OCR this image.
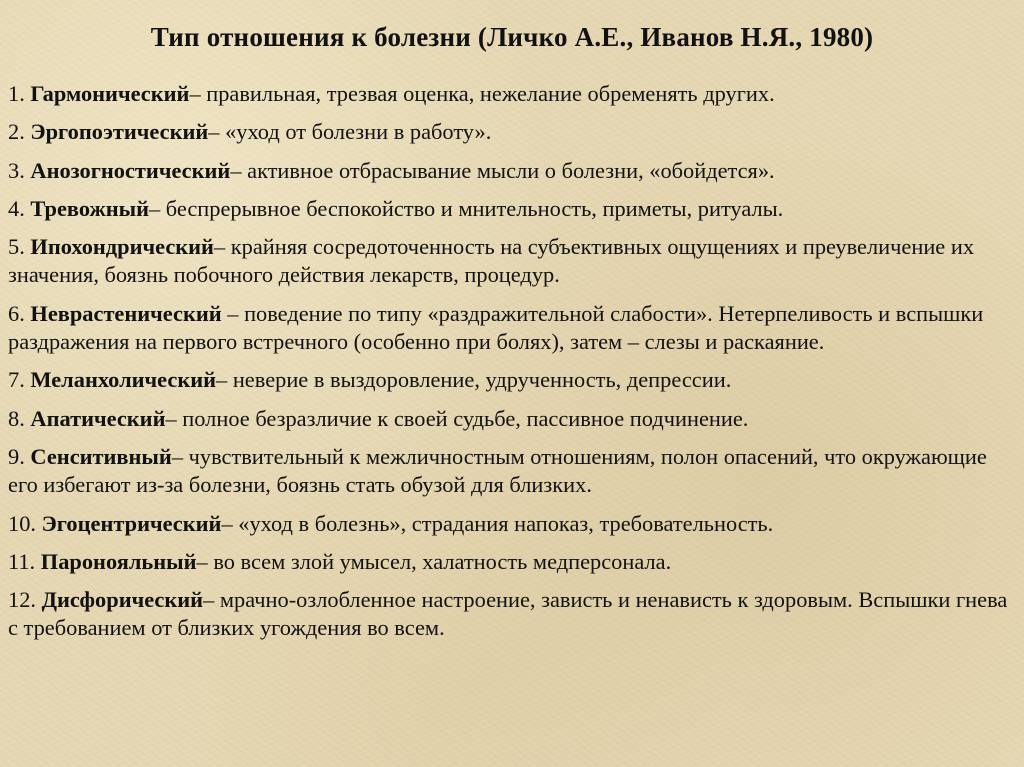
Тип отношения к болезни (Личко А.Е., Иванов Н.Я., 1980)
1. Гармонический– правильная, трезвая оценка, нежелание обременять других.
2. Эргопоэтический– «уход от болезни в работу».
3. Анозогностический– активное отбрасывание мысли о болезни, «обойдется».
4. Тревожный– беспрерывное беспокойство и мнительность, приметы, ритуалы.
5. Ипохондрический– крайняя сосредоточенность на субъективных ощущениях и преувеличение их значения, боязнь побочного действия лекарств, процедур.
6. Неврастенический – поведение по типу «раздражительной слабости». Нетерпеливость и вспышки раздражения на первого встречного (особенно при болях), затем – слезы и раскаяние.
7. Меланхолический– неверие в выздоровление, удрученность, депрессии.
8. Апатический– полное безразличие к своей судьбе, пассивное подчинение.
9. Сенситивный– чувствительный к межличностным отношениям, полон опасений, что окружающие его избегают из-за болезни, боязнь стать обузой для близких.
10. Эгоцентрический– «уход в болезнь», страдания напоказ, требовательность.
11. Паронояльный– во всем злой умысел, халатность медперсонала.
12. Дисфорический– мрачно-озлобленное настроение, зависть и ненависть к здоровым. Вспышки гнева с требованием от близких угождения во всем.
